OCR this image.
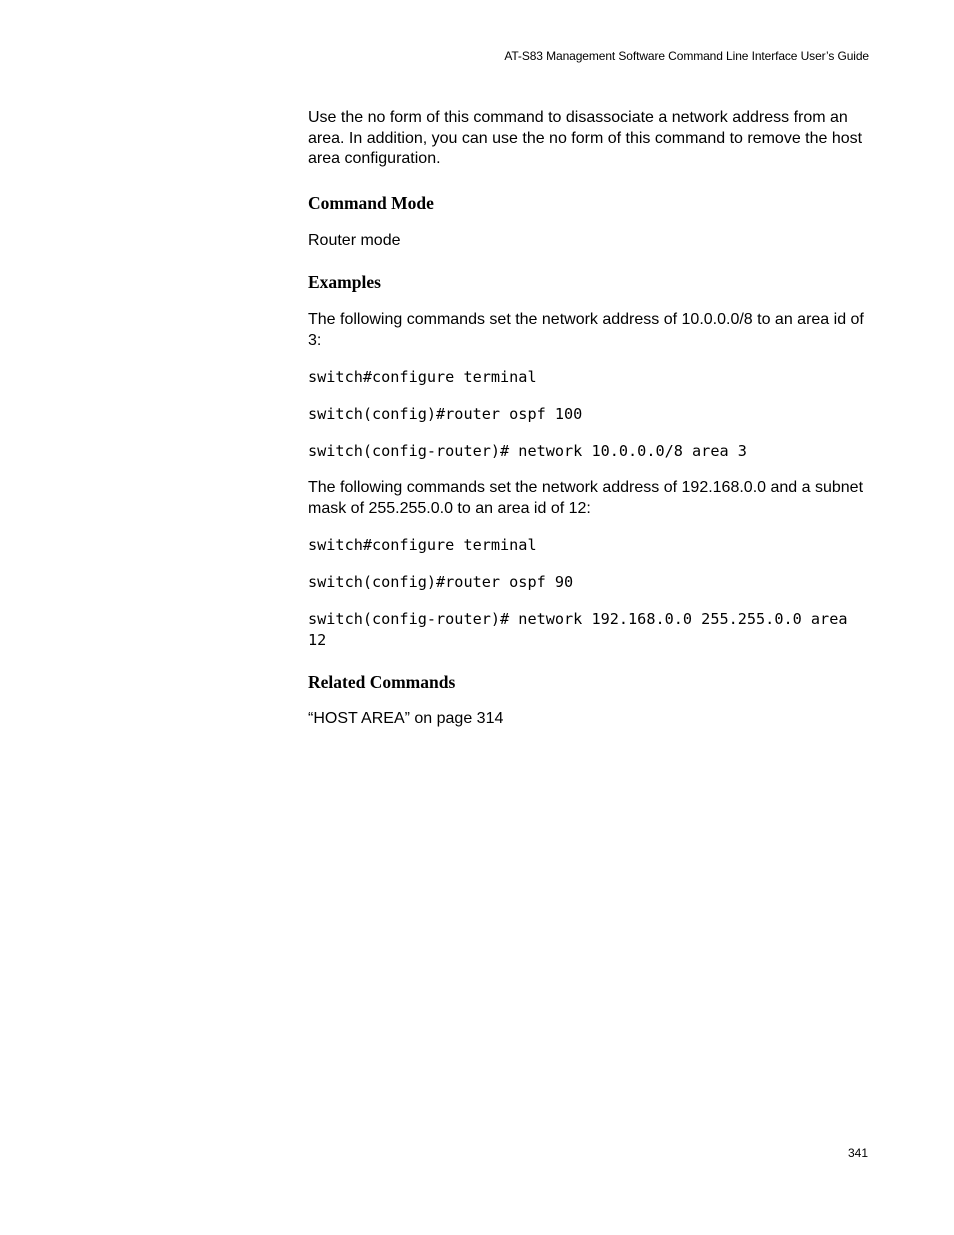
AT-S83 Management Software Command Line Interface User’s Guide

Use the no form of this command to disassociate a network address from an area. In addition, you can use the no form of this command to remove the host area configuration.

Command Mode

Router mode

Examples

The following commands set the network address of 10.0.0.0/8 to an area id of 3:

switch#configure terminal

switch(config)#router ospf 100

switch(config-router)# network 10.0.0.0/8 area 3

The following commands set the network address of 192.168.0.0 and a subnet mask of 255.255.0.0 to an area id of 12:

switch#configure terminal

switch(config)#router ospf 90

switch(config-router)# network 192.168.0.0 255.255.0.0 area 12

Related Commands

“HOST AREA” on page 314

341
